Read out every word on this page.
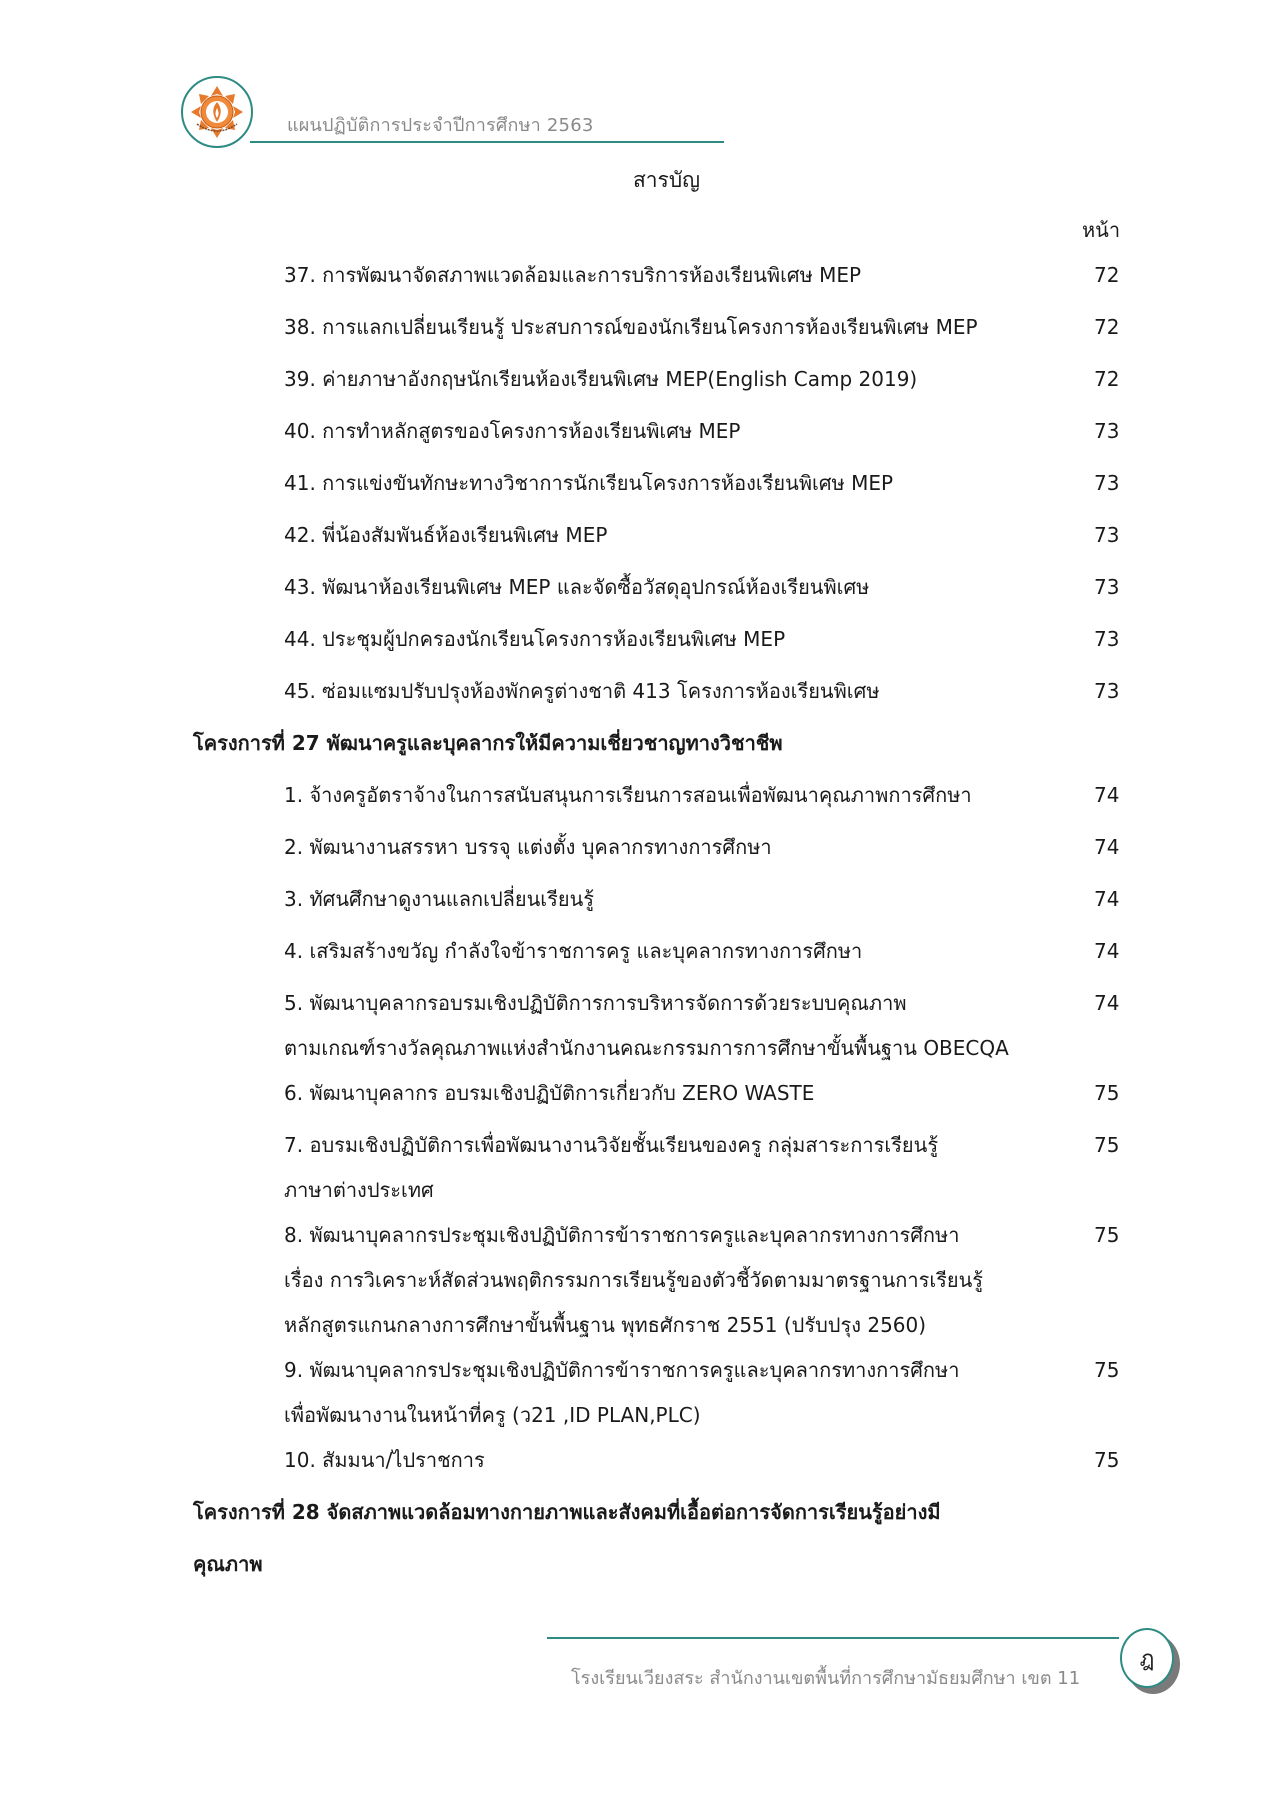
แผนปฏิบัติการประจำปีการศึกษา 2563
สารบัญ
หน้า
37. การพัฒนาจัดสภาพแวดล้อมและการบริการห้องเรียนพิเศษ MEP	72
38. การแลกเปลี่ยนเรียนรู้ ประสบการณ์ของนักเรียนโครงการห้องเรียนพิเศษ MEP	72
39. ค่ายภาษาอังกฤษนักเรียนห้องเรียนพิเศษ MEP(English Camp 2019)	72
40. การทำหลักสูตรของโครงการห้องเรียนพิเศษ MEP	73
41. การแข่งขันทักษะทางวิชาการนักเรียนโครงการห้องเรียนพิเศษ MEP	73
42. พี่น้องสัมพันธ์ห้องเรียนพิเศษ MEP	73
43. พัฒนาห้องเรียนพิเศษ MEP และจัดซื้อวัสดุอุปกรณ์ห้องเรียนพิเศษ	73
44. ประชุมผู้ปกครองนักเรียนโครงการห้องเรียนพิเศษ MEP	73
45. ซ่อมแซมปรับปรุงห้องพักครูต่างชาติ 413 โครงการห้องเรียนพิเศษ	73
โครงการที่ 27 พัฒนาครูและบุคลากรให้มีความเชี่ยวชาญทางวิชาชีพ
1. จ้างครูอัตราจ้างในการสนับสนุนการเรียนการสอนเพื่อพัฒนาคุณภาพการศึกษา	74
2. พัฒนางานสรรหา บรรจุ แต่งตั้ง บุคลากรทางการศึกษา	74
3. ทัศนศึกษาดูงานแลกเปลี่ยนเรียนรู้	74
4. เสริมสร้างขวัญ กำลังใจข้าราชการครู และบุคลากรทางการศึกษา	74
5. พัฒนาบุคลากรอบรมเชิงปฏิบัติการการบริหารจัดการด้วยระบบคุณภาพ	74
ตามเกณฑ์รางวัลคุณภาพแห่งสำนักงานคณะกรรมการการศึกษาขั้นพื้นฐาน OBECQA
6. พัฒนาบุคลากร อบรมเชิงปฏิบัติการเกี่ยวกับ ZERO WASTE	75
7. อบรมเชิงปฏิบัติการเพื่อพัฒนางานวิจัยชั้นเรียนของครู กลุ่มสาระการเรียนรู้	75
ภาษาต่างประเทศ
8. พัฒนาบุคลากรประชุมเชิงปฏิบัติการข้าราชการครูและบุคลากรทางการศึกษา	75
เรื่อง การวิเคราะห์สัดส่วนพฤติกรรมการเรียนรู้ของตัวชี้วัดตามมาตรฐานการเรียนรู้
หลักสูตรแกนกลางการศึกษาขั้นพื้นฐาน พุทธศักราช 2551 (ปรับปรุง 2560)
9. พัฒนาบุคลากรประชุมเชิงปฏิบัติการข้าราชการครูและบุคลากรทางการศึกษา	75
เพื่อพัฒนางานในหน้าที่ครู (ว21 ,ID PLAN,PLC)
10. สัมมนา/ไปราชการ	75
โครงการที่ 28 จัดสภาพแวดล้อมทางกายภาพและสังคมที่เอื้อต่อการจัดการเรียนรู้อย่างมี
คุณภาพ
โรงเรียนเวียงสระ สำนักงานเขตพื้นที่การศึกษามัธยมศึกษา เขต 11
ฎ
